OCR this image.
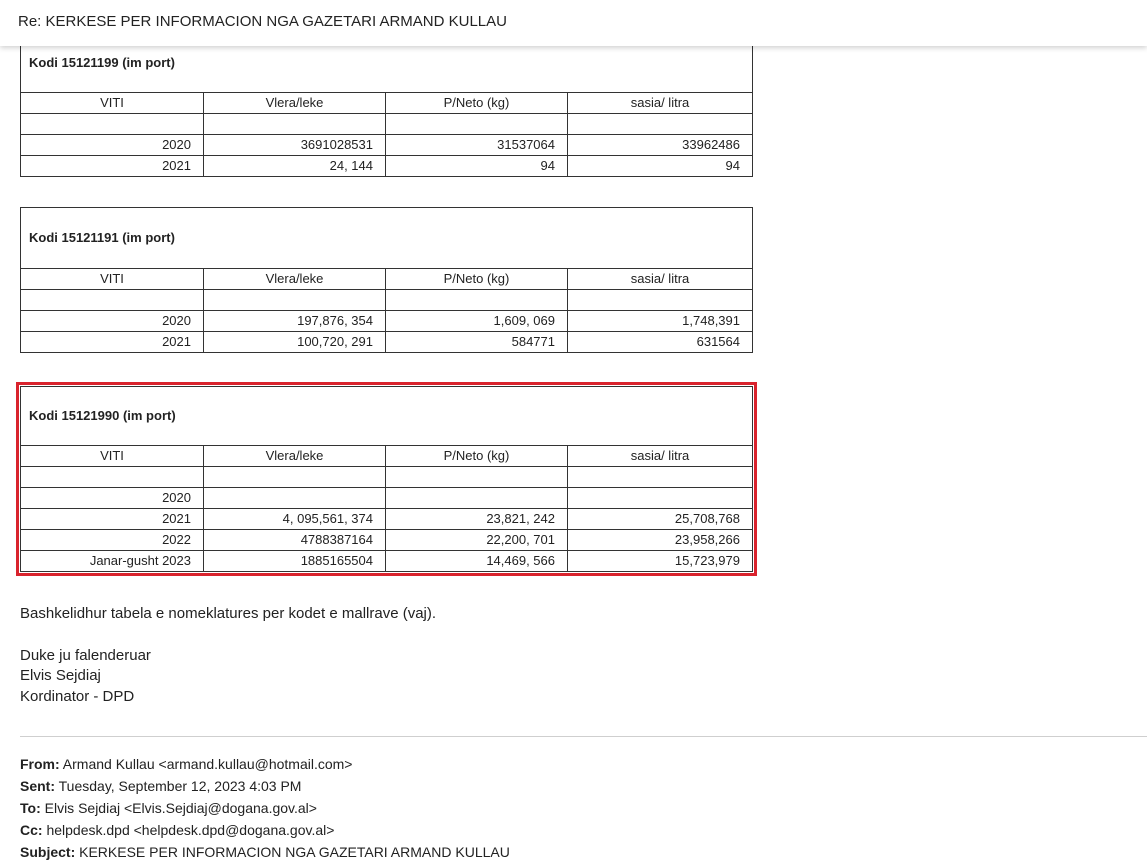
Re: KERKESE PER INFORMACION NGA GAZETARI ARMAND KULLAU
Kodi 15121199 (im port)
VITI	Vlera/leke	P/Neto (kg)	sasia/ litra
2020	3691028531	31537064	33962486
2021	24, 144	94	94
Kodi 15121191 (im port)
VITI	Vlera/leke	P/Neto (kg)	sasia/ litra
2020	197,876, 354	1,609, 069	1,748,391
2021	100,720, 291	584771	631564
Kodi 15121990 (im port)
VITI	Vlera/leke	P/Neto (kg)	sasia/ litra
2020
2021	4, 095,561, 374	23,821, 242	25,708,768
2022	4788387164	22,200, 701	23,958,266
Janar-gusht 2023	1885165504	14,469, 566	15,723,979
Bashkelidhur tabela e nomeklatures per kodet e mallrave (vaj).
Duke ju falenderuar
Elvis Sejdiaj
Kordinator - DPD
From: Armand Kullau <armand.kullau@hotmail.com>
Sent: Tuesday, September 12, 2023 4:03 PM
To: Elvis Sejdiaj <Elvis.Sejdiaj@dogana.gov.al>
Cc: helpdesk.dpd <helpdesk.dpd@dogana.gov.al>
Subject: KERKESE PER INFORMACION NGA GAZETARI ARMAND KULLAU
